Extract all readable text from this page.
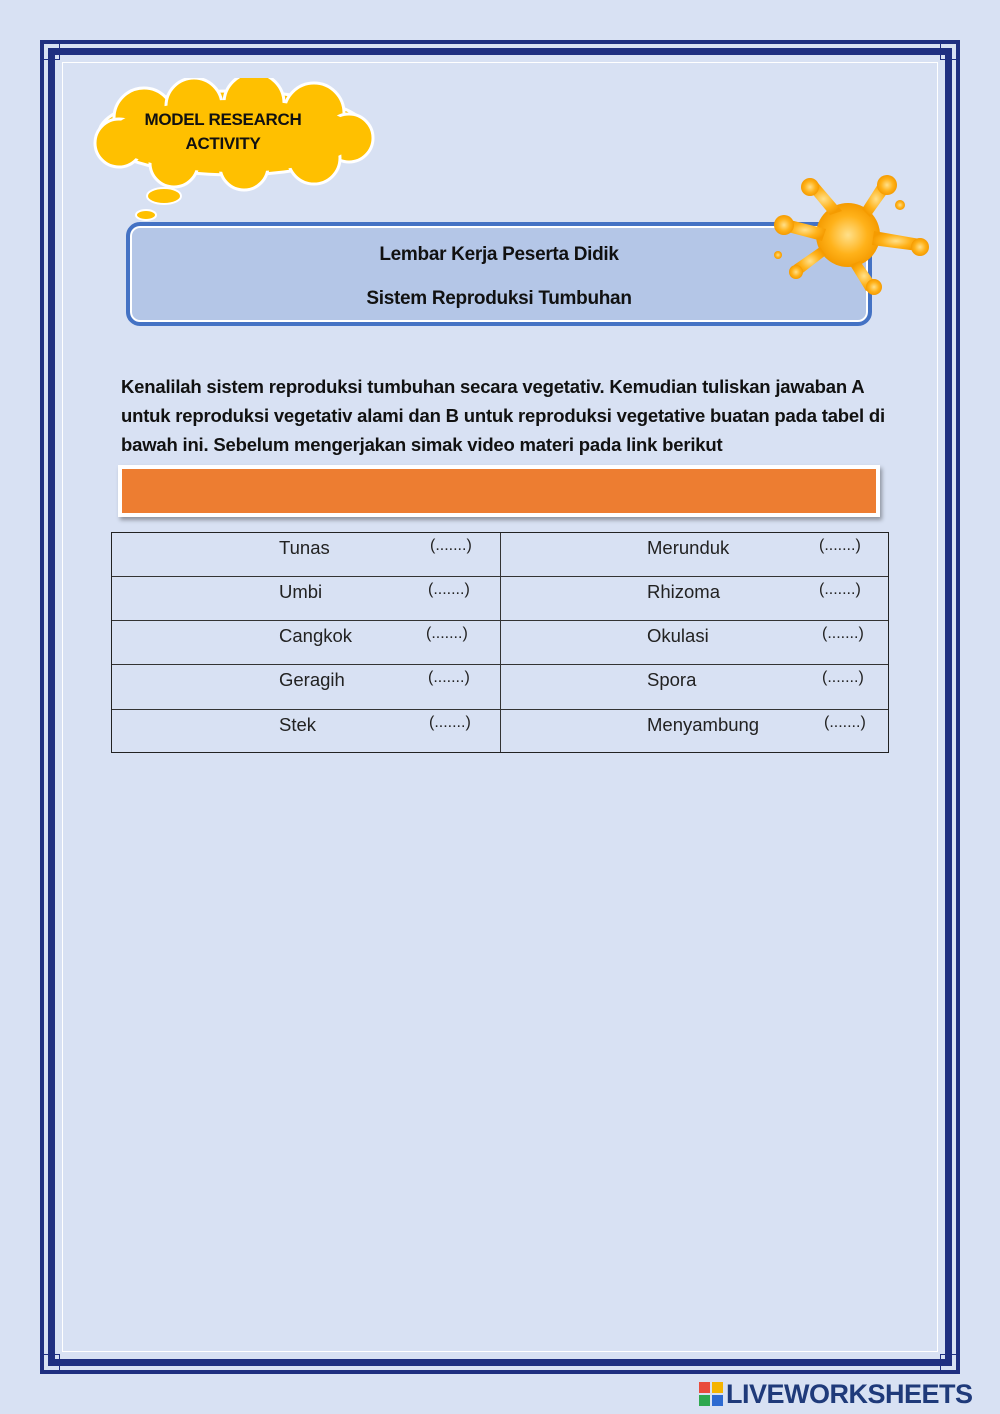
MODEL RESEARCH
ACTIVITY
Lembar Kerja Peserta Didik
Sistem Reproduksi Tumbuhan
Kenalilah sistem reproduksi tumbuhan secara vegetativ. Kemudian tuliskan jawaban A untuk reproduksi vegetativ alami dan B untuk reproduksi vegetative buatan pada tabel di bawah ini. Sebelum mengerjakan simak video materi pada link berikut
Tunas	(.......)	Merunduk	(.......)
Umbi	(.......)	Rhizoma	(.......)
Cangkok	(.......)	Okulasi	(.......)
Geragih	(.......)	Spora	(.......)
Stek	(.......)	Menyambung	(.......)
LIVEWORKSHEETS
